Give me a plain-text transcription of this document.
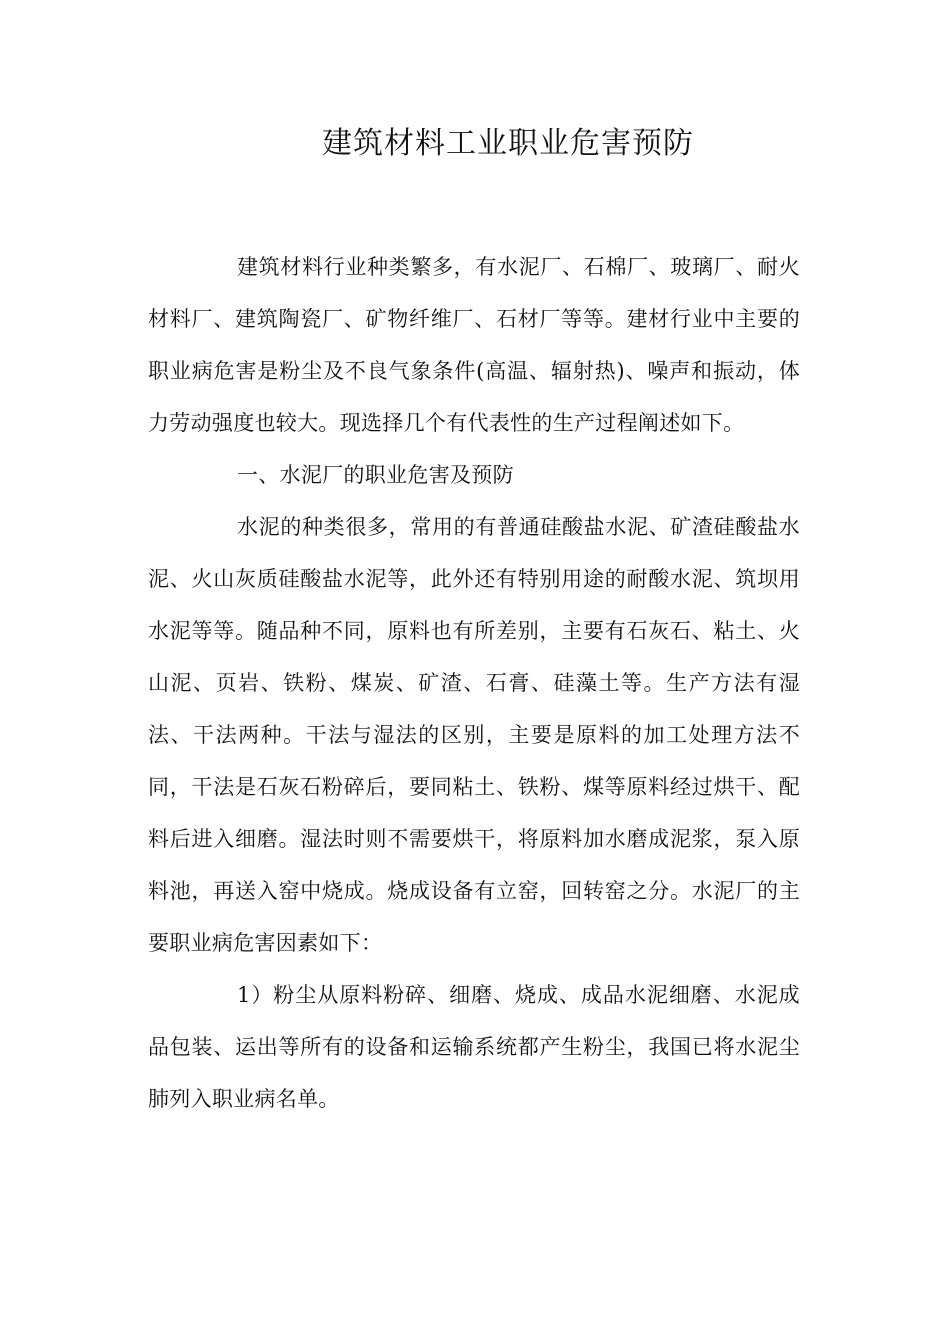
建筑材料工业职业危害预防

建筑材料行业种类繁多，有水泥厂、石棉厂、玻璃厂、耐火材料厂、建筑陶瓷厂、矿物纤维厂、石材厂等等。建材行业中主要的职业病危害是粉尘及不良气象条件(高温、辐射热)、噪声和振动，体力劳动强度也较大。现选择几个有代表性的生产过程阐述如下。

一、水泥厂的职业危害及预防

水泥的种类很多，常用的有普通硅酸盐水泥、矿渣硅酸盐水泥、火山灰质硅酸盐水泥等，此外还有特别用途的耐酸水泥、筑坝用水泥等等。随品种不同，原料也有所差别，主要有石灰石、粘土、火山泥、页岩、铁粉、煤炭、矿渣、石膏、硅藻土等。生产方法有湿法、干法两种。干法与湿法的区别，主要是原料的加工处理方法不同，干法是石灰石粉碎后，要同粘土、铁粉、煤等原料经过烘干、配料后进入细磨。湿法时则不需要烘干，将原料加水磨成泥浆，泵入原料池，再送入窑中烧成。烧成设备有立窑，回转窑之分。水泥厂的主要职业病危害因素如下：

1）粉尘从原料粉碎、细磨、烧成、成品水泥细磨、水泥成品包装、运出等所有的设备和运输系统都产生粉尘，我国已将水泥尘肺列入职业病名单。
